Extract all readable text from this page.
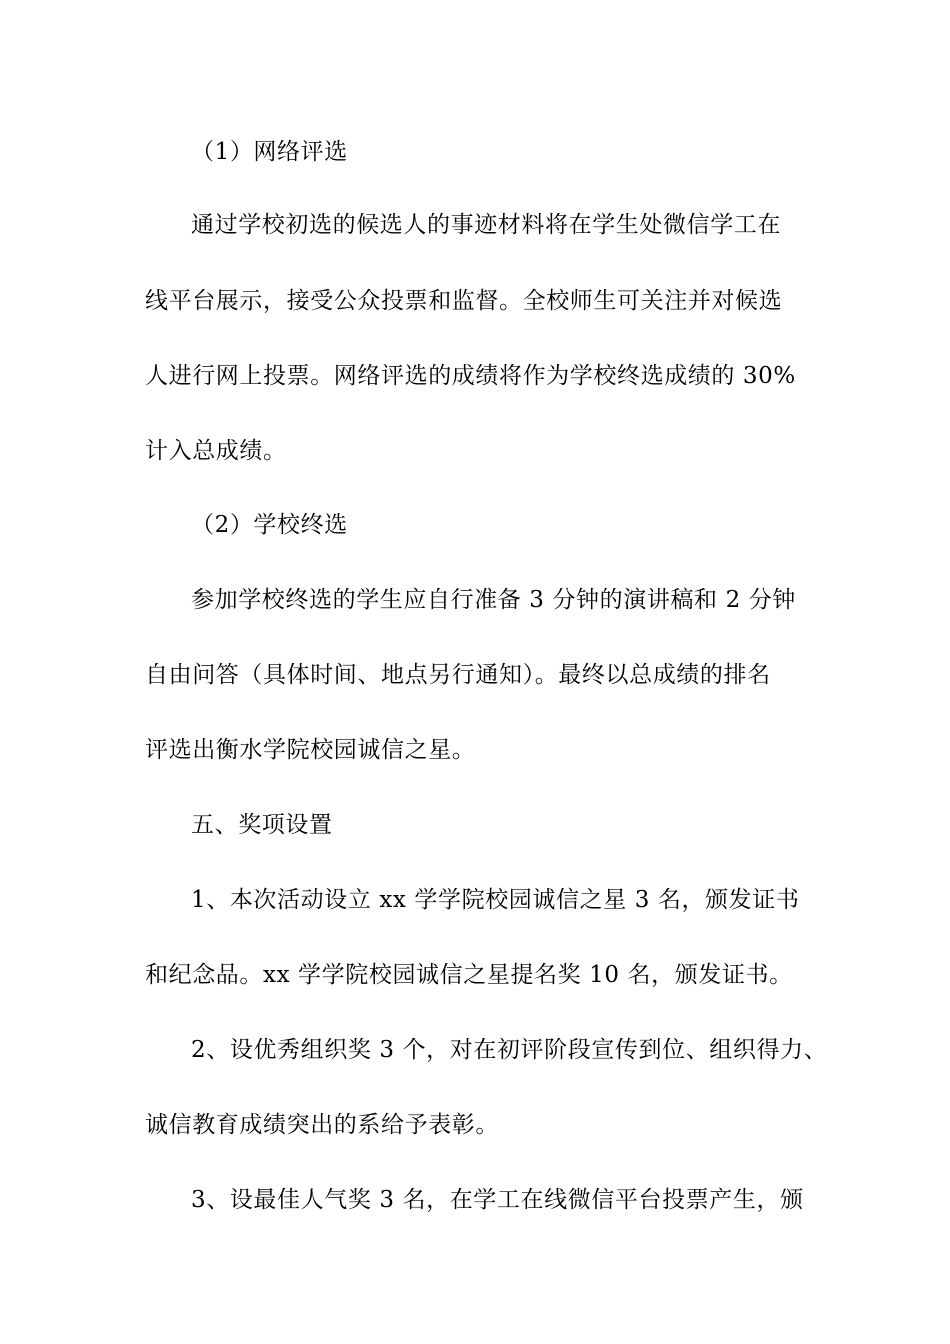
（1）网络评选
通过学校初选的候选人的事迹材料将在学生处微信学工在
线平台展示，接受公众投票和监督。全校师生可关注并对候选
人进行网上投票。网络评选的成绩将作为学校终选成绩的 30%
计入总成绩。
（2）学校终选
参加学校终选的学生应自行准备 3 分钟的演讲稿和 2 分钟
自由问答（具体时间、地点另行通知）。最终以总成绩的排名
评选出衡水学院校园诚信之星。
五、奖项设置
1、本次活动设立 xx 学学院校园诚信之星 3 名，颁发证书
和纪念品。xx 学学院校园诚信之星提名奖 10 名，颁发证书。
2、设优秀组织奖 3 个，对在初评阶段宣传到位、组织得力、
诚信教育成绩突出的系给予表彰。
3、设最佳人气奖 3 名，在学工在线微信平台投票产生，颁
